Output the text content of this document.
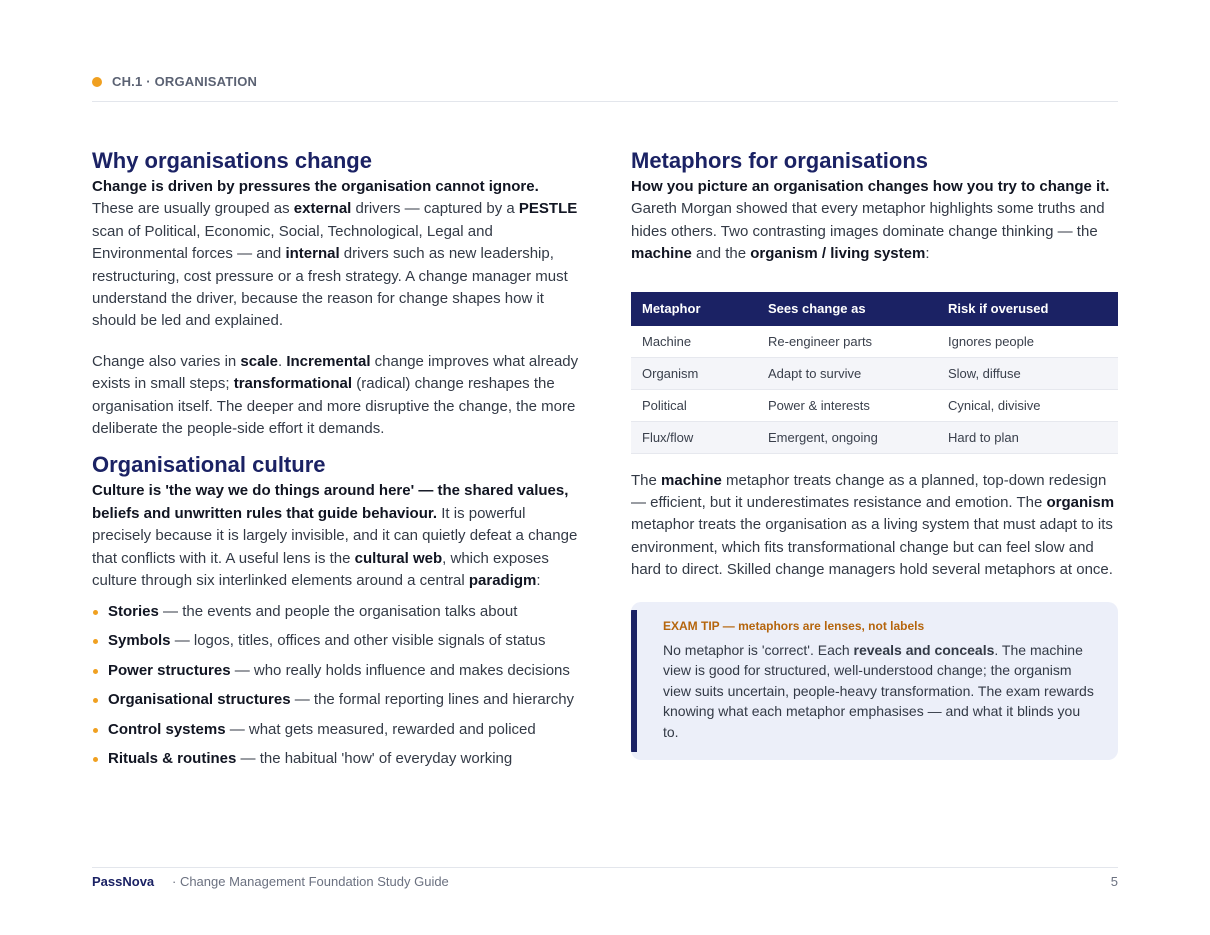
CH.1 · ORGANISATION
Why organisations change

Change is driven by pressures the organisation cannot ignore. These are usually grouped as external drivers — captured by a PESTLE scan of Political, Economic, Social, Technological, Legal and Environmental forces — and internal drivers such as new leadership, restructuring, cost pressure or a fresh strategy. A change manager must understand the driver, because the reason for change shapes how it should be led and explained.

Change also varies in scale. Incremental change improves what already exists in small steps; transformational (radical) change reshapes the organisation itself. The deeper and more disruptive the change, the more deliberate the people-side effort it demands.

Organisational culture

Culture is 'the way we do things around here' — the shared values, beliefs and unwritten rules that guide behaviour. It is powerful precisely because it is largely invisible, and it can quietly defeat a change that conflicts with it. A useful lens is the cultural web, which exposes culture through six interlinked elements around a central paradigm:

Stories — the events and people the organisation talks about
Symbols — logos, titles, offices and other visible signals of status
Power structures — who really holds influence and makes decisions
Organisational structures — the formal reporting lines and hierarchy
Control systems — what gets measured, rewarded and policed
Rituals & routines — the habitual 'how' of everyday working
Metaphors for organisations

How you picture an organisation changes how you try to change it. Gareth Morgan showed that every metaphor highlights some truths and hides others. Two contrasting images dominate change thinking — the machine and the organism / living system:

Metaphor	Sees change as	Risk if overused
Machine	Re-engineer parts	Ignores people
Organism	Adapt to survive	Slow, diffuse
Political	Power & interests	Cynical, divisive
Flux/flow	Emergent, ongoing	Hard to plan

The machine metaphor treats change as a planned, top-down redesign — efficient, but it underestimates resistance and emotion. The organism metaphor treats the organisation as a living system that must adapt to its environment, which fits transformational change but can feel slow and hard to direct. Skilled change managers hold several metaphors at once.

EXAM TIP — metaphors are lenses, not labels
No metaphor is 'correct'. Each reveals and conceals. The machine view is good for structured, well-understood change; the organism view suits uncertain, people-heavy transformation. The exam rewards knowing what each metaphor emphasises — and what it blinds you to.
PassNova · Change Management Foundation Study Guide	5
